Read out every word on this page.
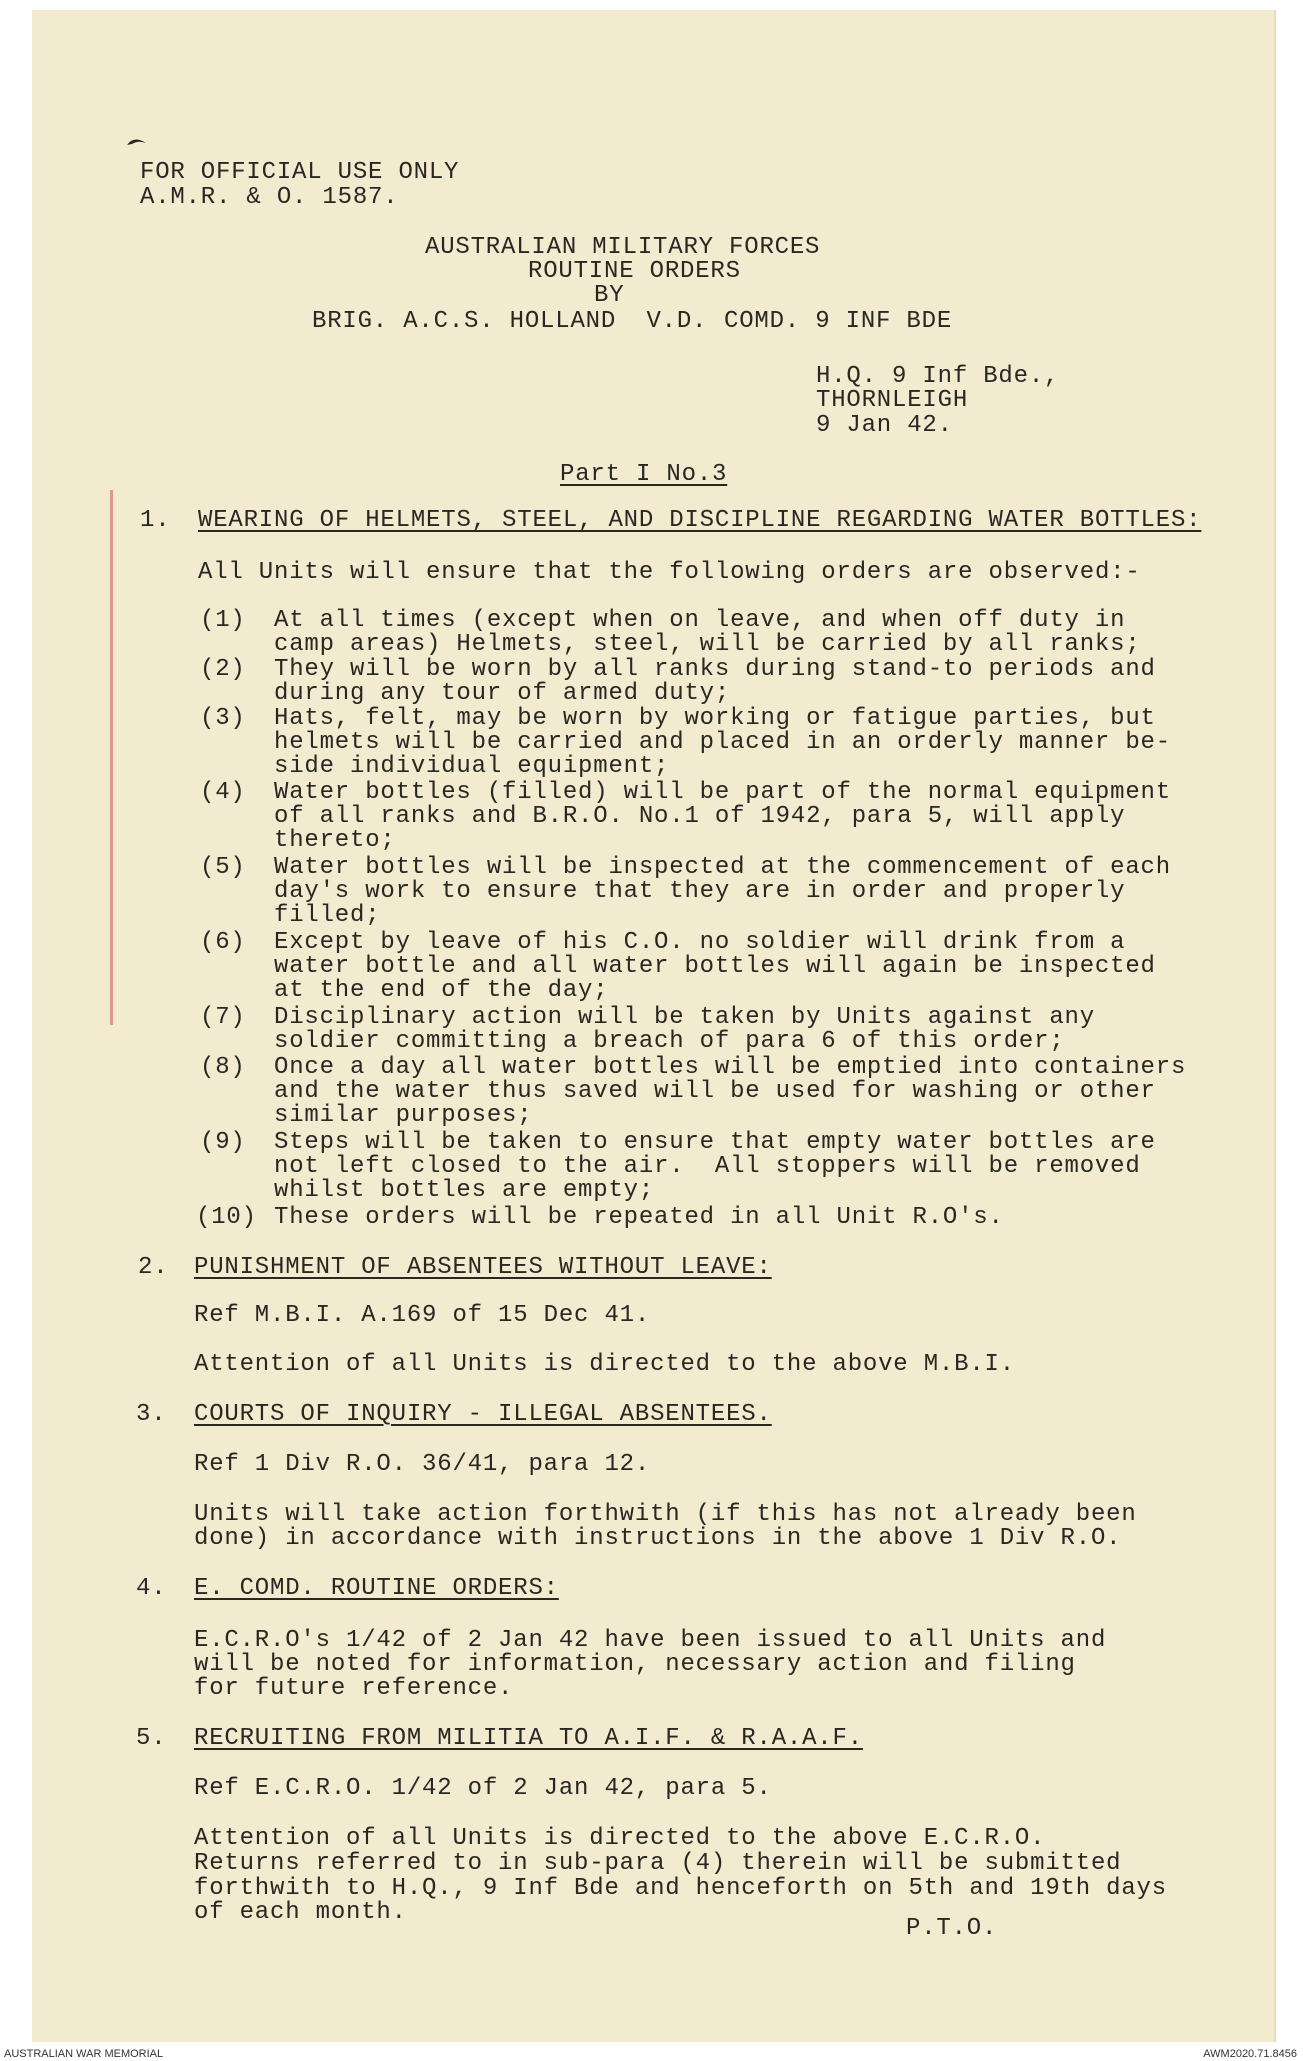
FOR OFFICIAL USE ONLY
A.M.R. & O. 1587.
AUSTRALIAN MILITARY FORCES
ROUTINE ORDERS
BY
BRIG. A.C.S. HOLLAND  V.D. COMD. 9 INF BDE
H.Q. 9 Inf Bde.,
THORNLEIGH
9 Jan 42.
Part I No.3
1. WEARING OF HELMETS, STEEL, AND DISCIPLINE REGARDING WATER BOTTLES:
All Units will ensure that the following orders are observed:-
(1) At all times (except when on leave, and when off duty in
camp areas) Helmets, steel, will be carried by all ranks;
(2) They will be worn by all ranks during stand-to periods and
during any tour of armed duty;
(3) Hats, felt, may be worn by working or fatigue parties, but
helmets will be carried and placed in an orderly manner be-
side individual equipment;
(4) Water bottles (filled) will be part of the normal equipment
of all ranks and B.R.O. No.1 of 1942, para 5, will apply
thereto;
(5) Water bottles will be inspected at the commencement of each
day's work to ensure that they are in order and properly
filled;
(6) Except by leave of his C.O. no soldier will drink from a
water bottle and all water bottles will again be inspected
at the end of the day;
(7) Disciplinary action will be taken by Units against any
soldier committing a breach of para 6 of this order;
(8) Once a day all water bottles will be emptied into containers
and the water thus saved will be used for washing or other
similar purposes;
(9) Steps will be taken to ensure that empty water bottles are
not left closed to the air.  All stoppers will be removed
whilst bottles are empty;
(10) These orders will be repeated in all Unit R.O's.
2. PUNISHMENT OF ABSENTEES WITHOUT LEAVE:
Ref M.B.I. A.169 of 15 Dec 41.
Attention of all Units is directed to the above M.B.I.
3. COURTS OF INQUIRY - ILLEGAL ABSENTEES.
Ref 1 Div R.O. 36/41, para 12.
Units will take action forthwith (if this has not already been
done) in accordance with instructions in the above 1 Div R.O.
4. E. COMD. ROUTINE ORDERS:
E.C.R.O's 1/42 of 2 Jan 42 have been issued to all Units and
will be noted for information, necessary action and filing
for future reference.
5. RECRUITING FROM MILITIA TO A.I.F. & R.A.A.F.
Ref E.C.R.O. 1/42 of 2 Jan 42, para 5.
Attention of all Units is directed to the above E.C.R.O.
Returns referred to in sub-para (4) therein will be submitted
forthwith to H.Q., 9 Inf Bde and henceforth on 5th and 19th days
of each month.
P.T.O.
AUSTRALIAN WAR MEMORIAL	AWM2020.71.8456
